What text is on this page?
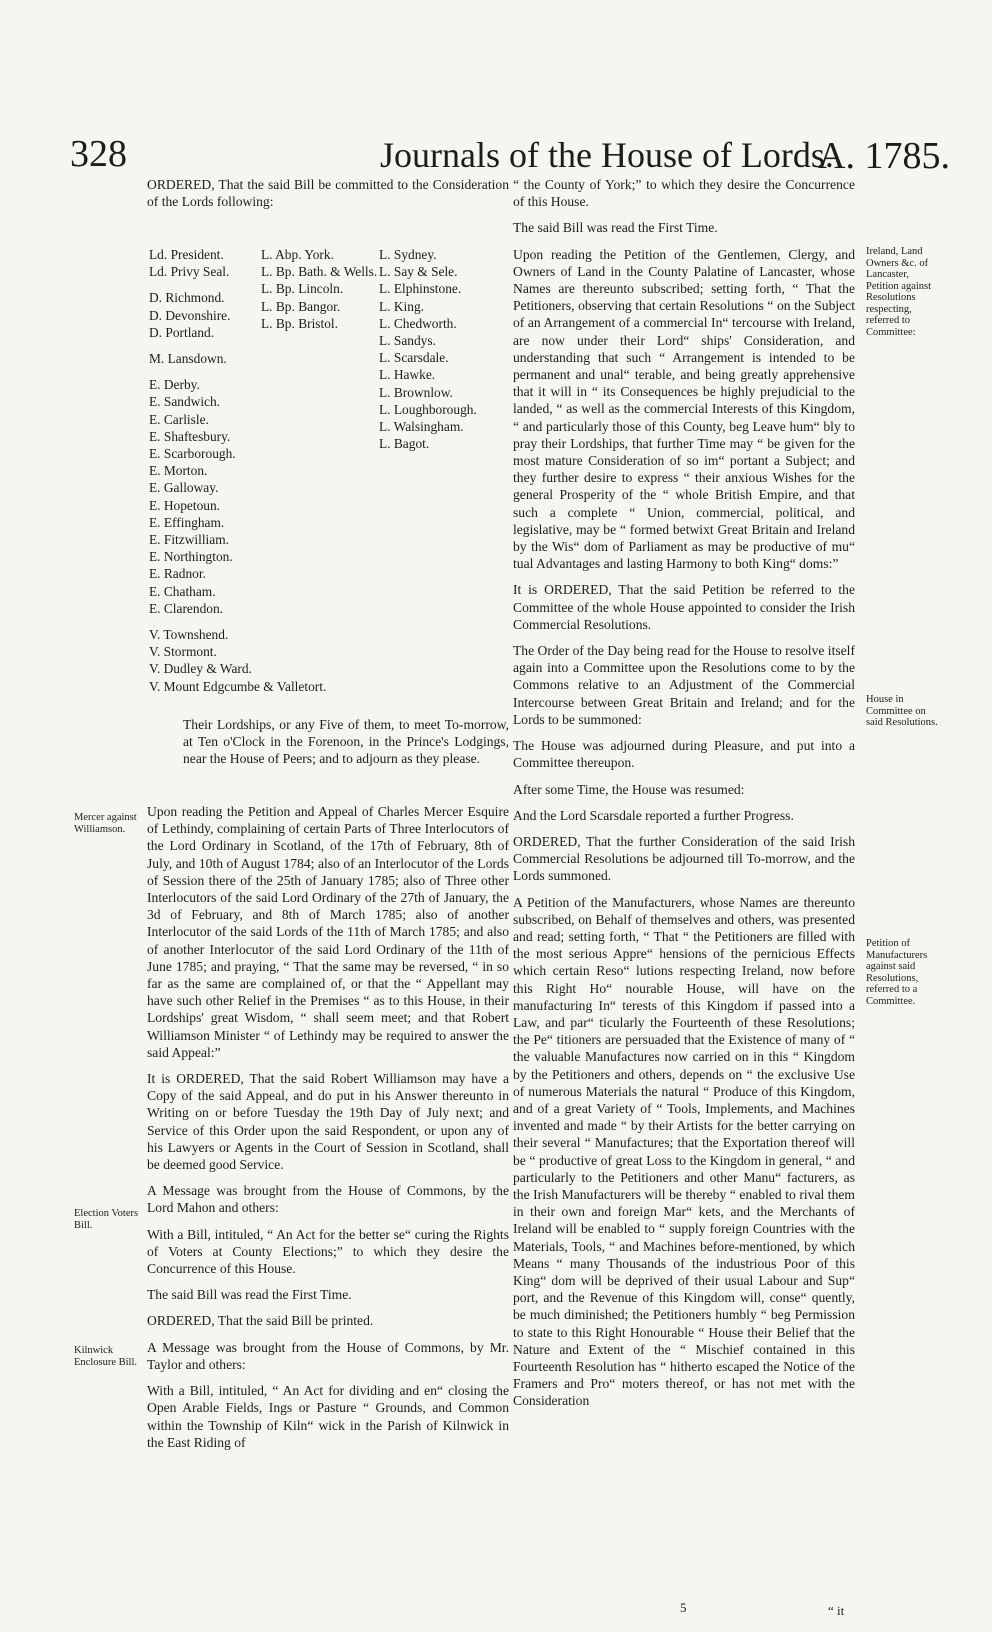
328	Journals of the House of Lords.
A. 1785.

ORDERED, That the said Bill be committed to the Consideration of the Lords following:

Ld. President.
Ld. Privy Seal.
D. Richmond.
D. Devonshire.
D. Portland.
M. Lansdown.
E. Derby.
E. Sandwich.
E. Carlisle.
E. Shaftesbury.
E. Scarborough.
E. Morton.
E. Galloway.
E. Hopetoun.
E. Effingham.
E. Fitzwilliam.
E. Northington.
E. Radnor.
E. Chatham.
E. Clarendon.
V. Townshend.
V. Stormont.
V. Dudley & Ward.
V. Mount Edgcumbe & Valletort.
L. Abp. York.
L. Bp. Bath. & Wells.
L. Bp. Lincoln.
L. Bp. Bangor.
L. Bp. Bristol.
L. Sydney.
L. Say & Sele.
L. Elphinstone.
L. King.
L. Chedworth.
L. Sandys.
L. Scarsdale.
L. Hawke.
L. Brownlow.
L. Loughborough.
L. Walsingham.
L. Bagot.

Their Lordships, or any Five of them, to meet To-morrow, at Ten o'Clock in the Forenoon, in the Prince's Lodgings, near the House of Peers; and to adjourn as they please.

Upon reading the Petition and Appeal of Charles Mercer Esquire of Lethindy, complaining of certain Parts of Three Interlocutors of the Lord Ordinary in Scotland, of the 17th of February, 8th of July, and 10th of August 1784; also of an Interlocutor of the Lords of Session there of the 25th of January 1785; also of Three other Interlocutors of the said Lord Ordinary of the 27th of January, the 3d of February, and 8th of March 1785; also of another Interlocutor of the said Lords of the 11th of March 1785; and also of another Interlocutor of the said Lord Ordinary of the 11th of June 1785; and praying, “ That the same may be reversed, “ in so far as the same are complained of, or that the “ Appellant may have such other Relief in the Premises “ as to this House, in their Lordships' great Wisdom, “ shall seem meet; and that Robert Williamson Minister “ of Lethindy may be required to answer the said Appeal:”

It is ORDERED, That the said Robert Williamson may have a Copy of the said Appeal, and do put in his Answer thereunto in Writing on or before Tuesday the 19th Day of July next; and Service of this Order upon the said Respondent, or upon any of his Lawyers or Agents in the Court of Session in Scotland, shall be deemed good Service.

A Message was brought from the House of Commons, by the Lord Mahon and others:

With a Bill, intituled, “ An Act for the better se“ curing the Rights of Voters at County Elections;” to which they desire the Concurrence of this House.

The said Bill was read the First Time.

ORDERED, That the said Bill be printed.

A Message was brought from the House of Commons, by Mr. Taylor and others:

With a Bill, intituled, “ An Act for dividing and en“ closing the Open Arable Fields, Ings or Pasture “ Grounds, and Common within the Township of Kiln“ wick in the Parish of Kilnwick in the East Riding of

Mercer against Williamson.
Election Voters Bill.
Kilnwick Enclosure Bill.

“ the County of York;” to which they desire the Concurrence of this House.

The said Bill was read the First Time.

Upon reading the Petition of the Gentlemen, Clergy, and Owners of Land in the County Palatine of Lancaster, whose Names are thereunto subscribed; setting forth, “ That the Petitioners, observing that certain Resolutions “ on the Subject of an Arrangement of a commercial In“ tercourse with Ireland, are now under their Lord“ ships' Consideration, and understanding that such “ Arrangement is intended to be permanent and unal“ terable, and being greatly apprehensive that it will in “ its Consequences be highly prejudicial to the landed, “ as well as the commercial Interests of this Kingdom, “ and particularly those of this County, beg Leave hum“ bly to pray their Lordships, that further Time may “ be given for the most mature Consideration of so im“ portant a Subject; and they further desire to express “ their anxious Wishes for the general Prosperity of the “ whole British Empire, and that such a complete “ Union, commercial, political, and legislative, may be “ formed betwixt Great Britain and Ireland by the Wis“ dom of Parliament as may be productive of mu“ tual Advantages and lasting Harmony to both King“ doms:”

It is ORDERED, That the said Petition be referred to the Committee of the whole House appointed to consider the Irish Commercial Resolutions.

The Order of the Day being read for the House to resolve itself again into a Committee upon the Resolutions come to by the Commons relative to an Adjustment of the Commercial Intercourse between Great Britain and Ireland; and for the Lords to be summoned:

The House was adjourned during Pleasure, and put into a Committee thereupon.

After some Time, the House was resumed:

And the Lord Scarsdale reported a further Progress.

ORDERED, That the further Consideration of the said Irish Commercial Resolutions be adjourned till To-morrow, and the Lords summoned.

A Petition of the Manufacturers, whose Names are thereunto subscribed, on Behalf of themselves and others, was presented and read; setting forth, “ That “ the Petitioners are filled with the most serious Appre“ hensions of the pernicious Effects which certain Reso“ lutions respecting Ireland, now before this Right Ho“ nourable House, will have on the manufacturing In“ terests of this Kingdom if passed into a Law, and par“ ticularly the Fourteenth of these Resolutions; the Pe“ titioners are persuaded that the Existence of many of “ the valuable Manufactures now carried on in this “ Kingdom by the Petitioners and others, depends on “ the exclusive Use of numerous Materials the natural “ Produce of this Kingdom, and of a great Variety of “ Tools, Implements, and Machines invented and made “ by their Artists for the better carrying on their several “ Manufactures; that the Exportation thereof will be “ productive of great Loss to the Kingdom in general, “ and particularly to the Petitioners and other Manu“ facturers, as the Irish Manufacturers will be thereby “ enabled to rival them in their own and foreign Mar“ kets, and the Merchants of Ireland will be enabled to “ supply foreign Countries with the Materials, Tools, “ and Machines before-mentioned, by which Means “ many Thousands of the industrious Poor of this King“ dom will be deprived of their usual Labour and Sup“ port, and the Revenue of this Kingdom will, conse“ quently, be much diminished; the Petitioners humbly “ beg Permission to state to this Right Honourable “ House their Belief that the Nature and Extent of the “ Mischief contained in this Fourteenth Resolution has “ hitherto escaped the Notice of the Framers and Pro“ moters thereof, or has not met with the Consideration

Ireland, Land Owners &c. of Lancaster, Petition against Resolutions respecting, referred to Committee:
House in Committee on said Resolutions.
Petition of Manufacturers against said Resolutions, referred to a Committee.
5	“ it
